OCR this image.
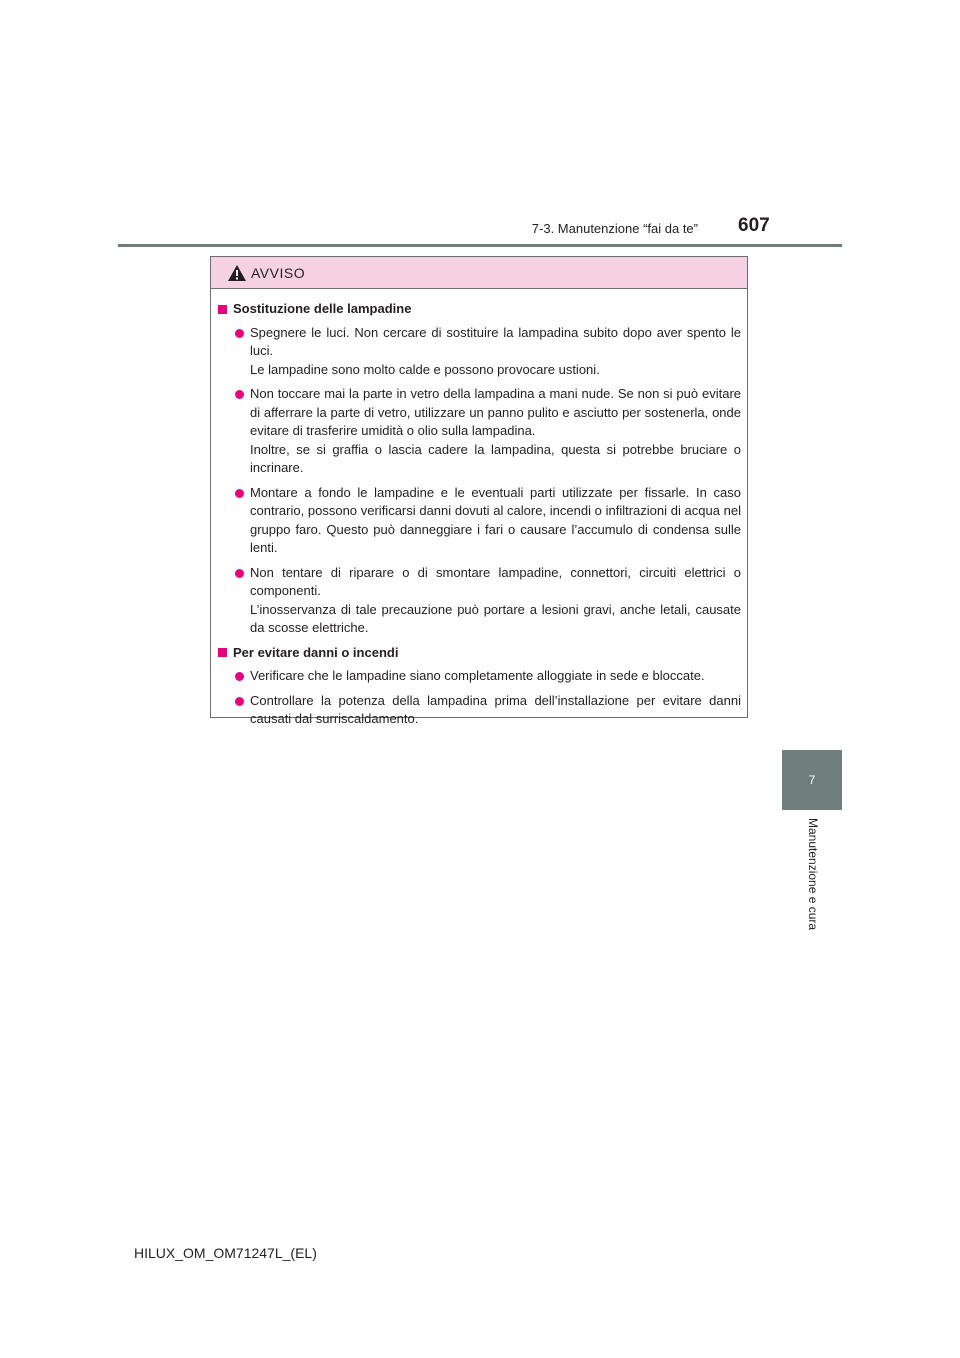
7-3. Manutenzione “fai da te” 607
7
Manutenzione e cura
AVVISO
Sostituzione delle lampadine

Spegnere le luci. Non cercare di sostituire la lampadina subito dopo aver spento le luci.

Le lampadine sono molto calde e possono provocare ustioni.

Non toccare mai la parte in vetro della lampadina a mani nude. Se non si può evitare di afferrare la parte di vetro, utilizzare un panno pulito e asciutto per sostenerla, onde evitare di trasferire umidità o olio sulla lampadina.

Inoltre, se si graffia o lascia cadere la lampadina, questa si potrebbe bruciare o incrinare.

Montare a fondo le lampadine e le eventuali parti utilizzate per fissarle. In caso contrario, possono verificarsi danni dovuti al calore, incendi o infiltrazioni di acqua nel gruppo faro. Questo può danneggiare i fari o causare l’accumulo di condensa sulle lenti.

Non tentare di riparare o di smontare lampadine, connettori, circuiti elettrici o componenti.

L’inosservanza di tale precauzione può portare a lesioni gravi, anche letali, causate da scosse elettriche.

Per evitare danni o incendi

Verificare che le lampadine siano completamente alloggiate in sede e bloccate.

Controllare la potenza della lampadina prima dell’installazione per evitare danni causati dal surriscaldamento.

HILUX_OM_OM71247L_(EL)
